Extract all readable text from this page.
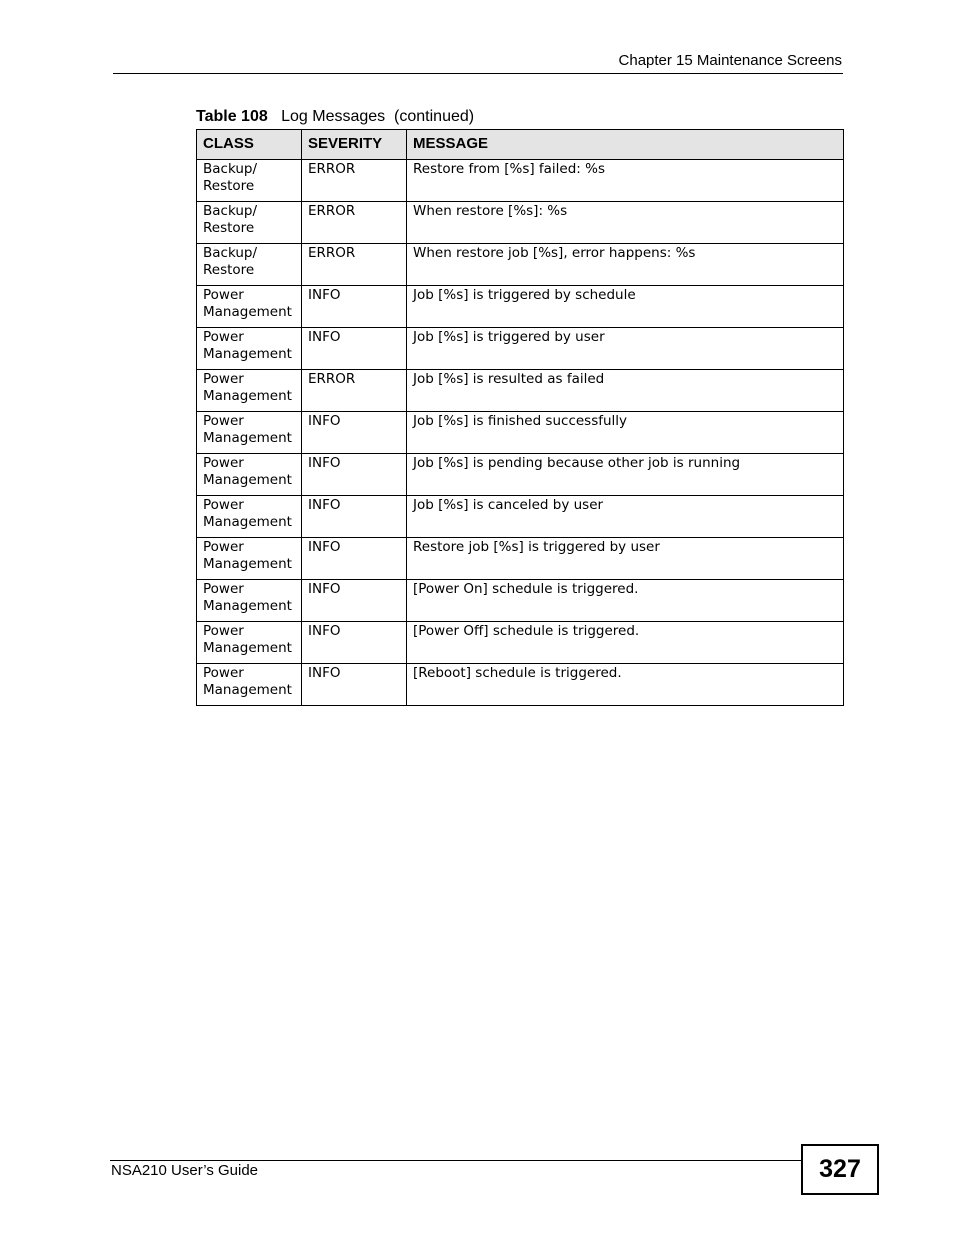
Chapter 15 Maintenance Screens
Table 108 Log Messages  (continued)
CLASS	SEVERITY	MESSAGE

Backup/
Restore	ERROR	Restore from [%s] failed: %s

Backup/
Restore	ERROR	When restore [%s]: %s

Backup/
Restore	ERROR	When restore job [%s], error happens: %s

Power
Management	INFO	Job [%s] is triggered by schedule

Power
Management	INFO	Job [%s] is triggered by user

Power
Management	ERROR	Job [%s] is resulted as failed

Power
Management	INFO	Job [%s] is finished successfully

Power
Management	INFO	Job [%s] is pending because other job is running

Power
Management	INFO	Job [%s] is canceled by user

Power
Management	INFO	Restore job [%s] is triggered by user

Power
Management	INFO	[Power On] schedule is triggered.

Power
Management	INFO	[Power Off] schedule is triggered.

Power
Management	INFO	[Reboot] schedule is triggered.
NSA210 User’s Guide	327
